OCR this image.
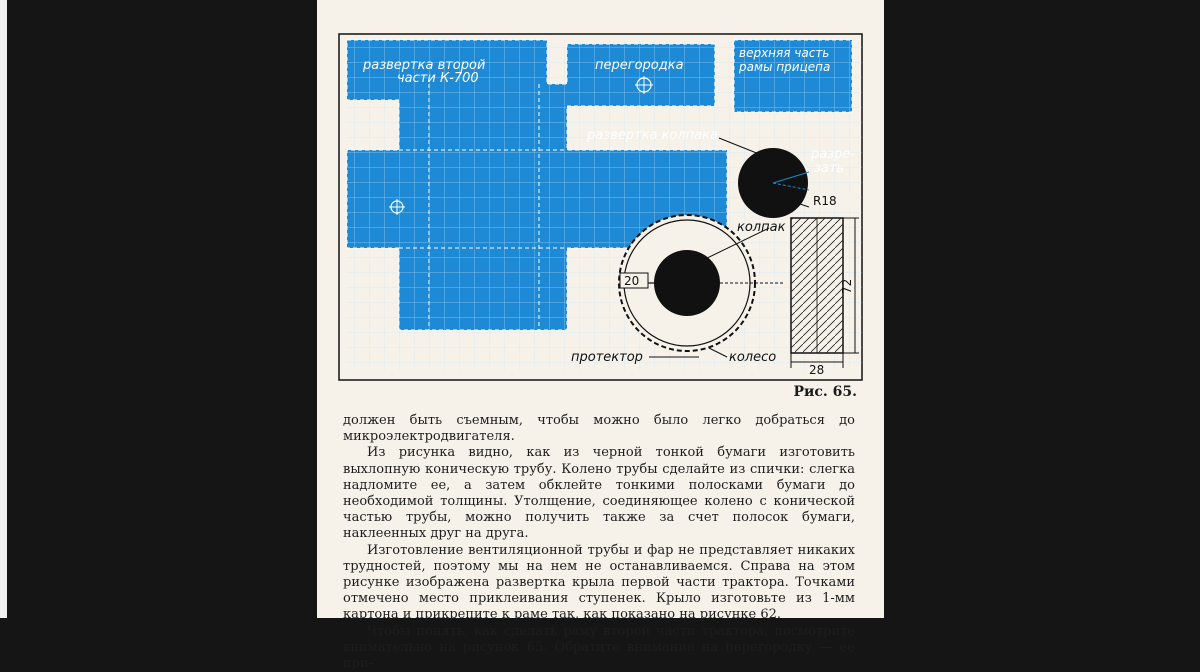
развертка второй
части К-700
перегородка
верхняя часть
рамы прицепа
развертка колпака
разре-
зать
R18
20
колпак
72
28
протектор	колесо
Рис. 65.

должен быть съемным, чтобы можно было легко добраться до микроэлектродвигателя.

Из рисунка видно, как из черной тонкой бумаги изготовить выхлопную коническую трубу. Колено трубы сделайте из спички: слегка надломите ее, а затем обклейте тонкими полосками бумаги до необходимой толщины. Утолщение, соединяющее колено с конической частью трубы, можно получить также за счет полосок бумаги, наклеенных друг на друга.

Изготовление вентиляционной трубы и фар не представляет никаких трудностей, поэтому мы на нем не останавливаемся. Справа на этом рисунке изображена развертка крыла первой части трактора. Точками отмечено место приклеивания ступенек. Крыло изготовьте из 1-мм картона и прикрепите к раме так, как показано на рисунке 62.

Чтобы понять, как сделать раму второй части трактора, посмотрите внимательно на рисунок 65. Обратите внимание на перегородку — ее при-
